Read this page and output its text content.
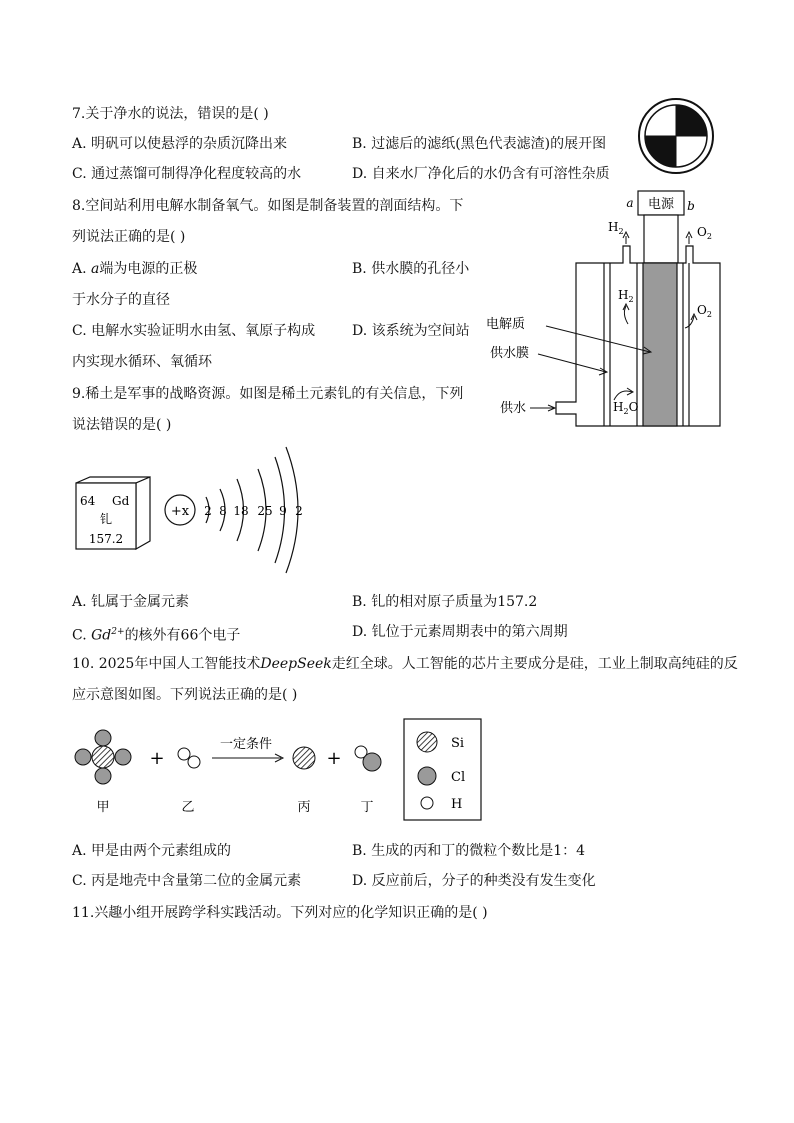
7.关于净水的说法，错误的是( )
A. 明矾可以使悬浮的杂质沉降出来	B. 过滤后的滤纸(黑色代表滤渣)的展开图
C. 通过蒸馏可制得净化程度较高的水	D. 自来水厂净化后的水仍含有可溶性杂质
8.空间站利用电解水制备氧气。如图是制备装置的剖面结构。下
列说法正确的是( )
A. a端为电源的正极	B. 供水膜的孔径小
于水分子的直径
C. 电解水实验证明水由氢、氧原子构成	D. 该系统为空间站
内实现水循环、氧循环
电源
a	b
$H_2$	$O_2$
$H_2$
$O_2$
电解质
供水膜
供水	$H_2O$
9.稀土是军事的战略资源。如图是稀土元素钆的有关信息，下列
说法错误的是( )
64 Gd
钆
157.2
+x 2 8 18 25 9 2
A. 钆属于金属元素	B. 钆的相对原子质量为157.2
C. $Gd^{2+}$的核外有66个电子	D. 钆位于元素周期表中的第六周期
10. 2025年中国人工智能技术DeepSeek走红全球。人工智能的芯片主要成分是硅，工业上制取高纯硅的反
应示意图如图。下列说法正确的是( )
+
一定条件
+
甲	乙	丙	丁
Si
Cl
H
A. 甲是由两个元素组成的	B. 生成的丙和丁的微粒个数比是1：4
C. 丙是地壳中含量第二位的金属元素	D. 反应前后，分子的种类没有发生变化
11.兴趣小组开展跨学科实践活动。下列对应的化学知识正确的是( )
